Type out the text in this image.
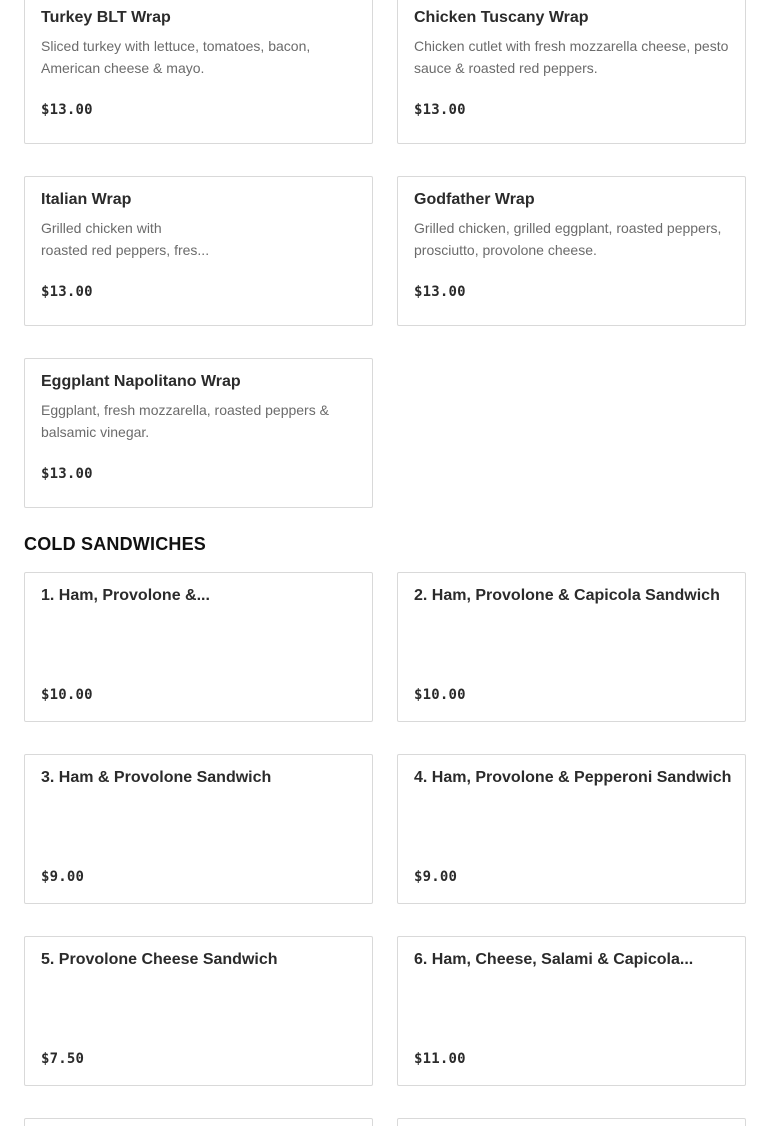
Turkey BLT Wrap
Sliced turkey with lettuce, tomatoes, bacon, American cheese & mayo.
$13.00
Chicken Tuscany Wrap
Chicken cutlet with fresh mozzarella cheese, pesto sauce & roasted red peppers.
$13.00
Italian Wrap
Grilled chicken with
roasted red peppers, fres...
$13.00
Godfather Wrap
Grilled chicken, grilled eggplant, roasted peppers, prosciutto, provolone cheese.
$13.00
Eggplant Napolitano Wrap
Eggplant, fresh mozzarella, roasted peppers & balsamic vinegar.
$13.00
COLD SANDWICHES
1. Ham, Provolone &...
$10.00
2. Ham, Provolone & Capicola Sandwich
$10.00
3. Ham & Provolone Sandwich
$9.00
4. Ham, Provolone & Pepperoni Sandwich
$9.00
5. Provolone Cheese Sandwich
$7.50
6. Ham, Cheese, Salami & Capicola...
$11.00
